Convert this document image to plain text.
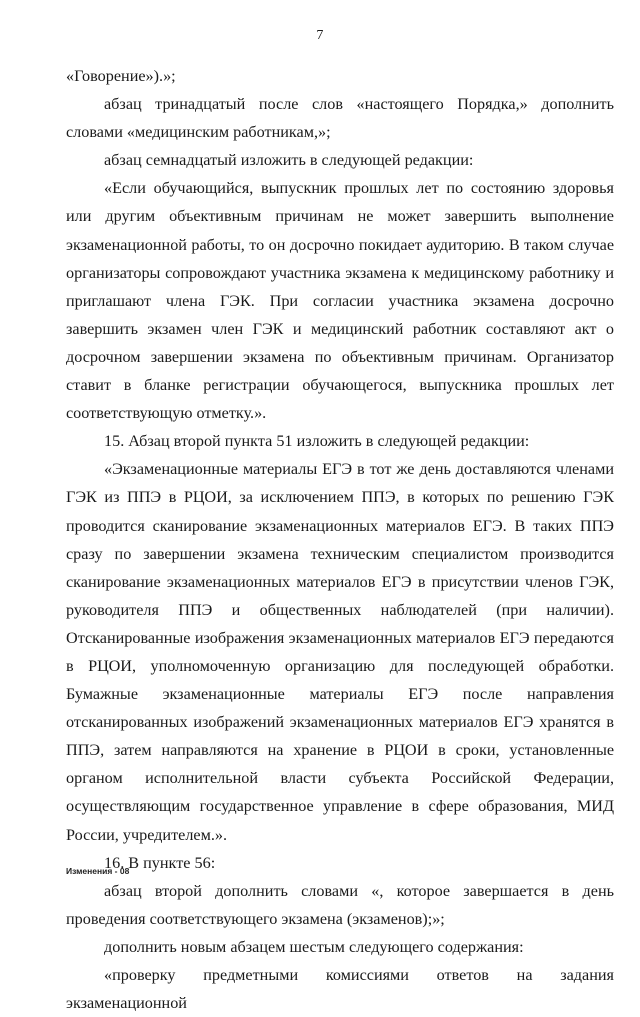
7

«Говорение»).»;

абзац тринадцатый после слов «настоящего Порядка,» дополнить словами «медицинским работникам,»;

абзац семнадцатый изложить в следующей редакции:

«Если обучающийся, выпускник прошлых лет по состоянию здоровья или другим объективным причинам не может завершить выполнение экзаменационной работы, то он досрочно покидает аудиторию. В таком случае организаторы сопровождают участника экзамена к медицинскому работнику и приглашают члена ГЭК. При согласии участника экзамена досрочно завершить экзамен член ГЭК и медицинский работник составляют акт о досрочном завершении экзамена по объективным причинам. Организатор ставит в бланке регистрации обучающегося, выпускника прошлых лет соответствующую отметку.».

15. Абзац второй пункта 51 изложить в следующей редакции:

«Экзаменационные материалы ЕГЭ в тот же день доставляются членами ГЭК из ППЭ в РЦОИ, за исключением ППЭ, в которых по решению ГЭК проводится сканирование экзаменационных материалов ЕГЭ. В таких ППЭ сразу по завершении экзамена техническим специалистом производится сканирование экзаменационных материалов ЕГЭ в присутствии членов ГЭК, руководителя ППЭ и общественных наблюдателей (при наличии). Отсканированные изображения экзаменационных материалов ЕГЭ передаются в РЦОИ, уполномоченную организацию для последующей обработки. Бумажные экзаменационные материалы ЕГЭ после направления отсканированных изображений экзаменационных материалов ЕГЭ хранятся в ППЭ, затем направляются на хранение в РЦОИ в сроки, установленные органом исполнительной власти субъекта Российской Федерации, осуществляющим государственное управление в сфере образования, МИД России, учредителем.».

16. В пункте 56:

абзац второй дополнить словами «, которое завершается в день проведения соответствующего экзамена (экзаменов);»;

дополнить новым абзацем шестым следующего содержания:

«проверку предметными комиссиями ответов на задания экзаменационной

Изменения - 08
